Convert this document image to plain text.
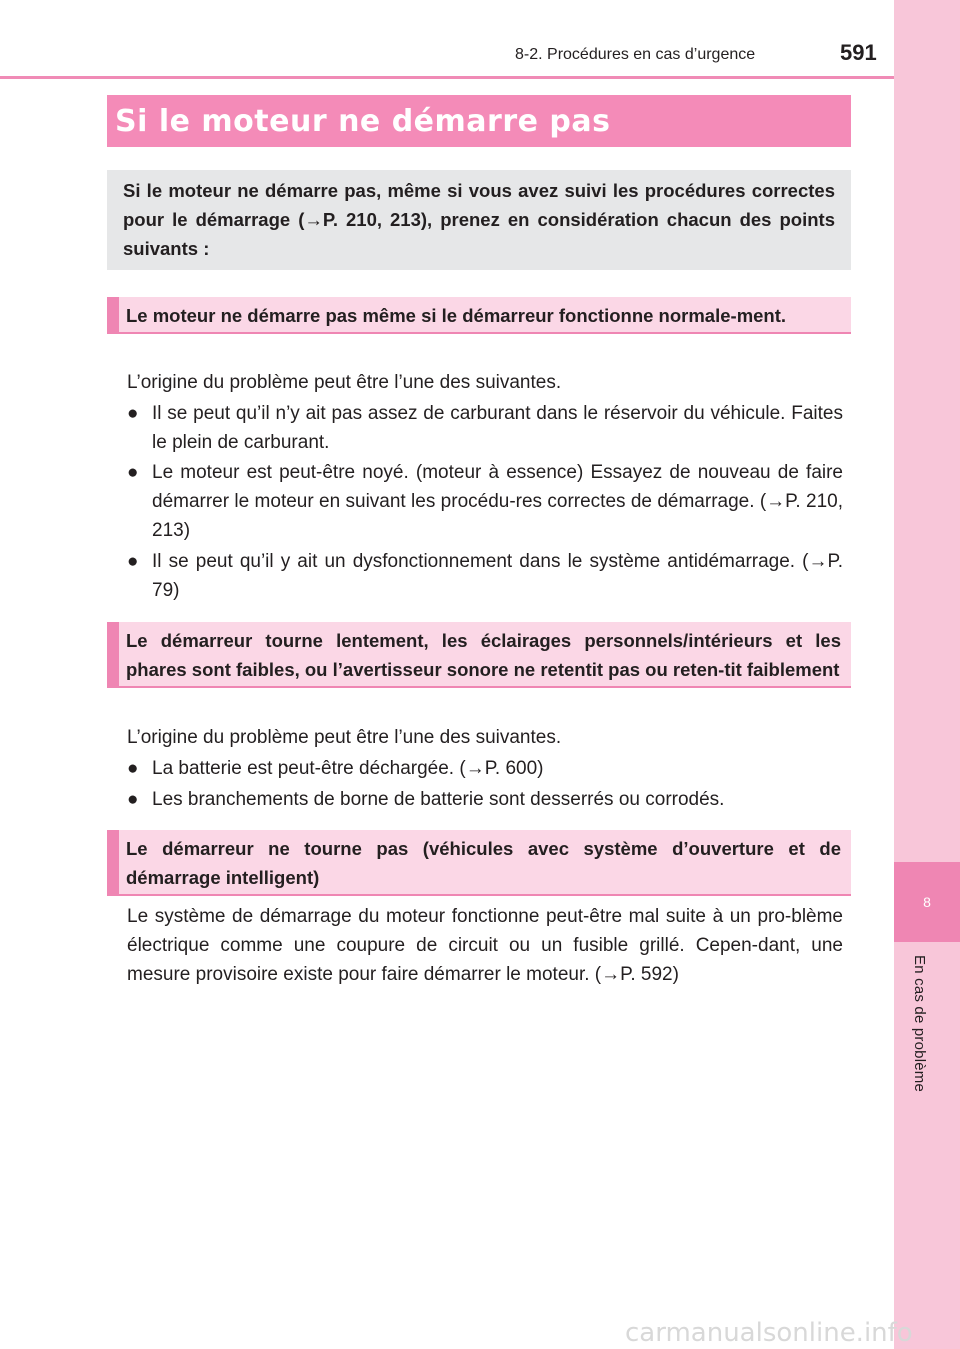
8
En cas de problème
8-2. Procédures en cas d’urgence	591
Si le moteur ne démarre pas
Si le moteur ne démarre pas, même si vous avez suivi les procédures correctes pour le démarrage (→P. 210, 213), prenez en considération chacun des points suivants :
Le moteur ne démarre pas même si le démarreur fonctionne normale-ment.

L’origine du problème peut être l’une des suivantes.

● Il se peut qu’il n’y ait pas assez de carburant dans le réservoir du véhicule. Faites le plein de carburant.
● Le moteur est peut-être noyé. (moteur à essence) Essayez de nouveau de faire démarrer le moteur en suivant les procédu-res correctes de démarrage. (→P. 210, 213)
● Il se peut qu’il y ait un dysfonctionnement dans le système antidémarrage. (→P. 79)
Le démarreur tourne lentement, les éclairages personnels/intérieurs et les phares sont faibles, ou l’avertisseur sonore ne retentit pas ou reten-tit faiblement

L’origine du problème peut être l’une des suivantes.

● La batterie est peut-être déchargée. (→P. 600)
● Les branchements de borne de batterie sont desserrés ou corrodés.
Le démarreur ne tourne pas (véhicules avec système d’ouverture et de démarrage intelligent)

Le système de démarrage du moteur fonctionne peut-être mal suite à un pro-blème électrique comme une coupure de circuit ou un fusible grillé. Cepen-dant, une mesure provisoire existe pour faire démarrer le moteur. (→P. 592)

carmanualsonline.info
